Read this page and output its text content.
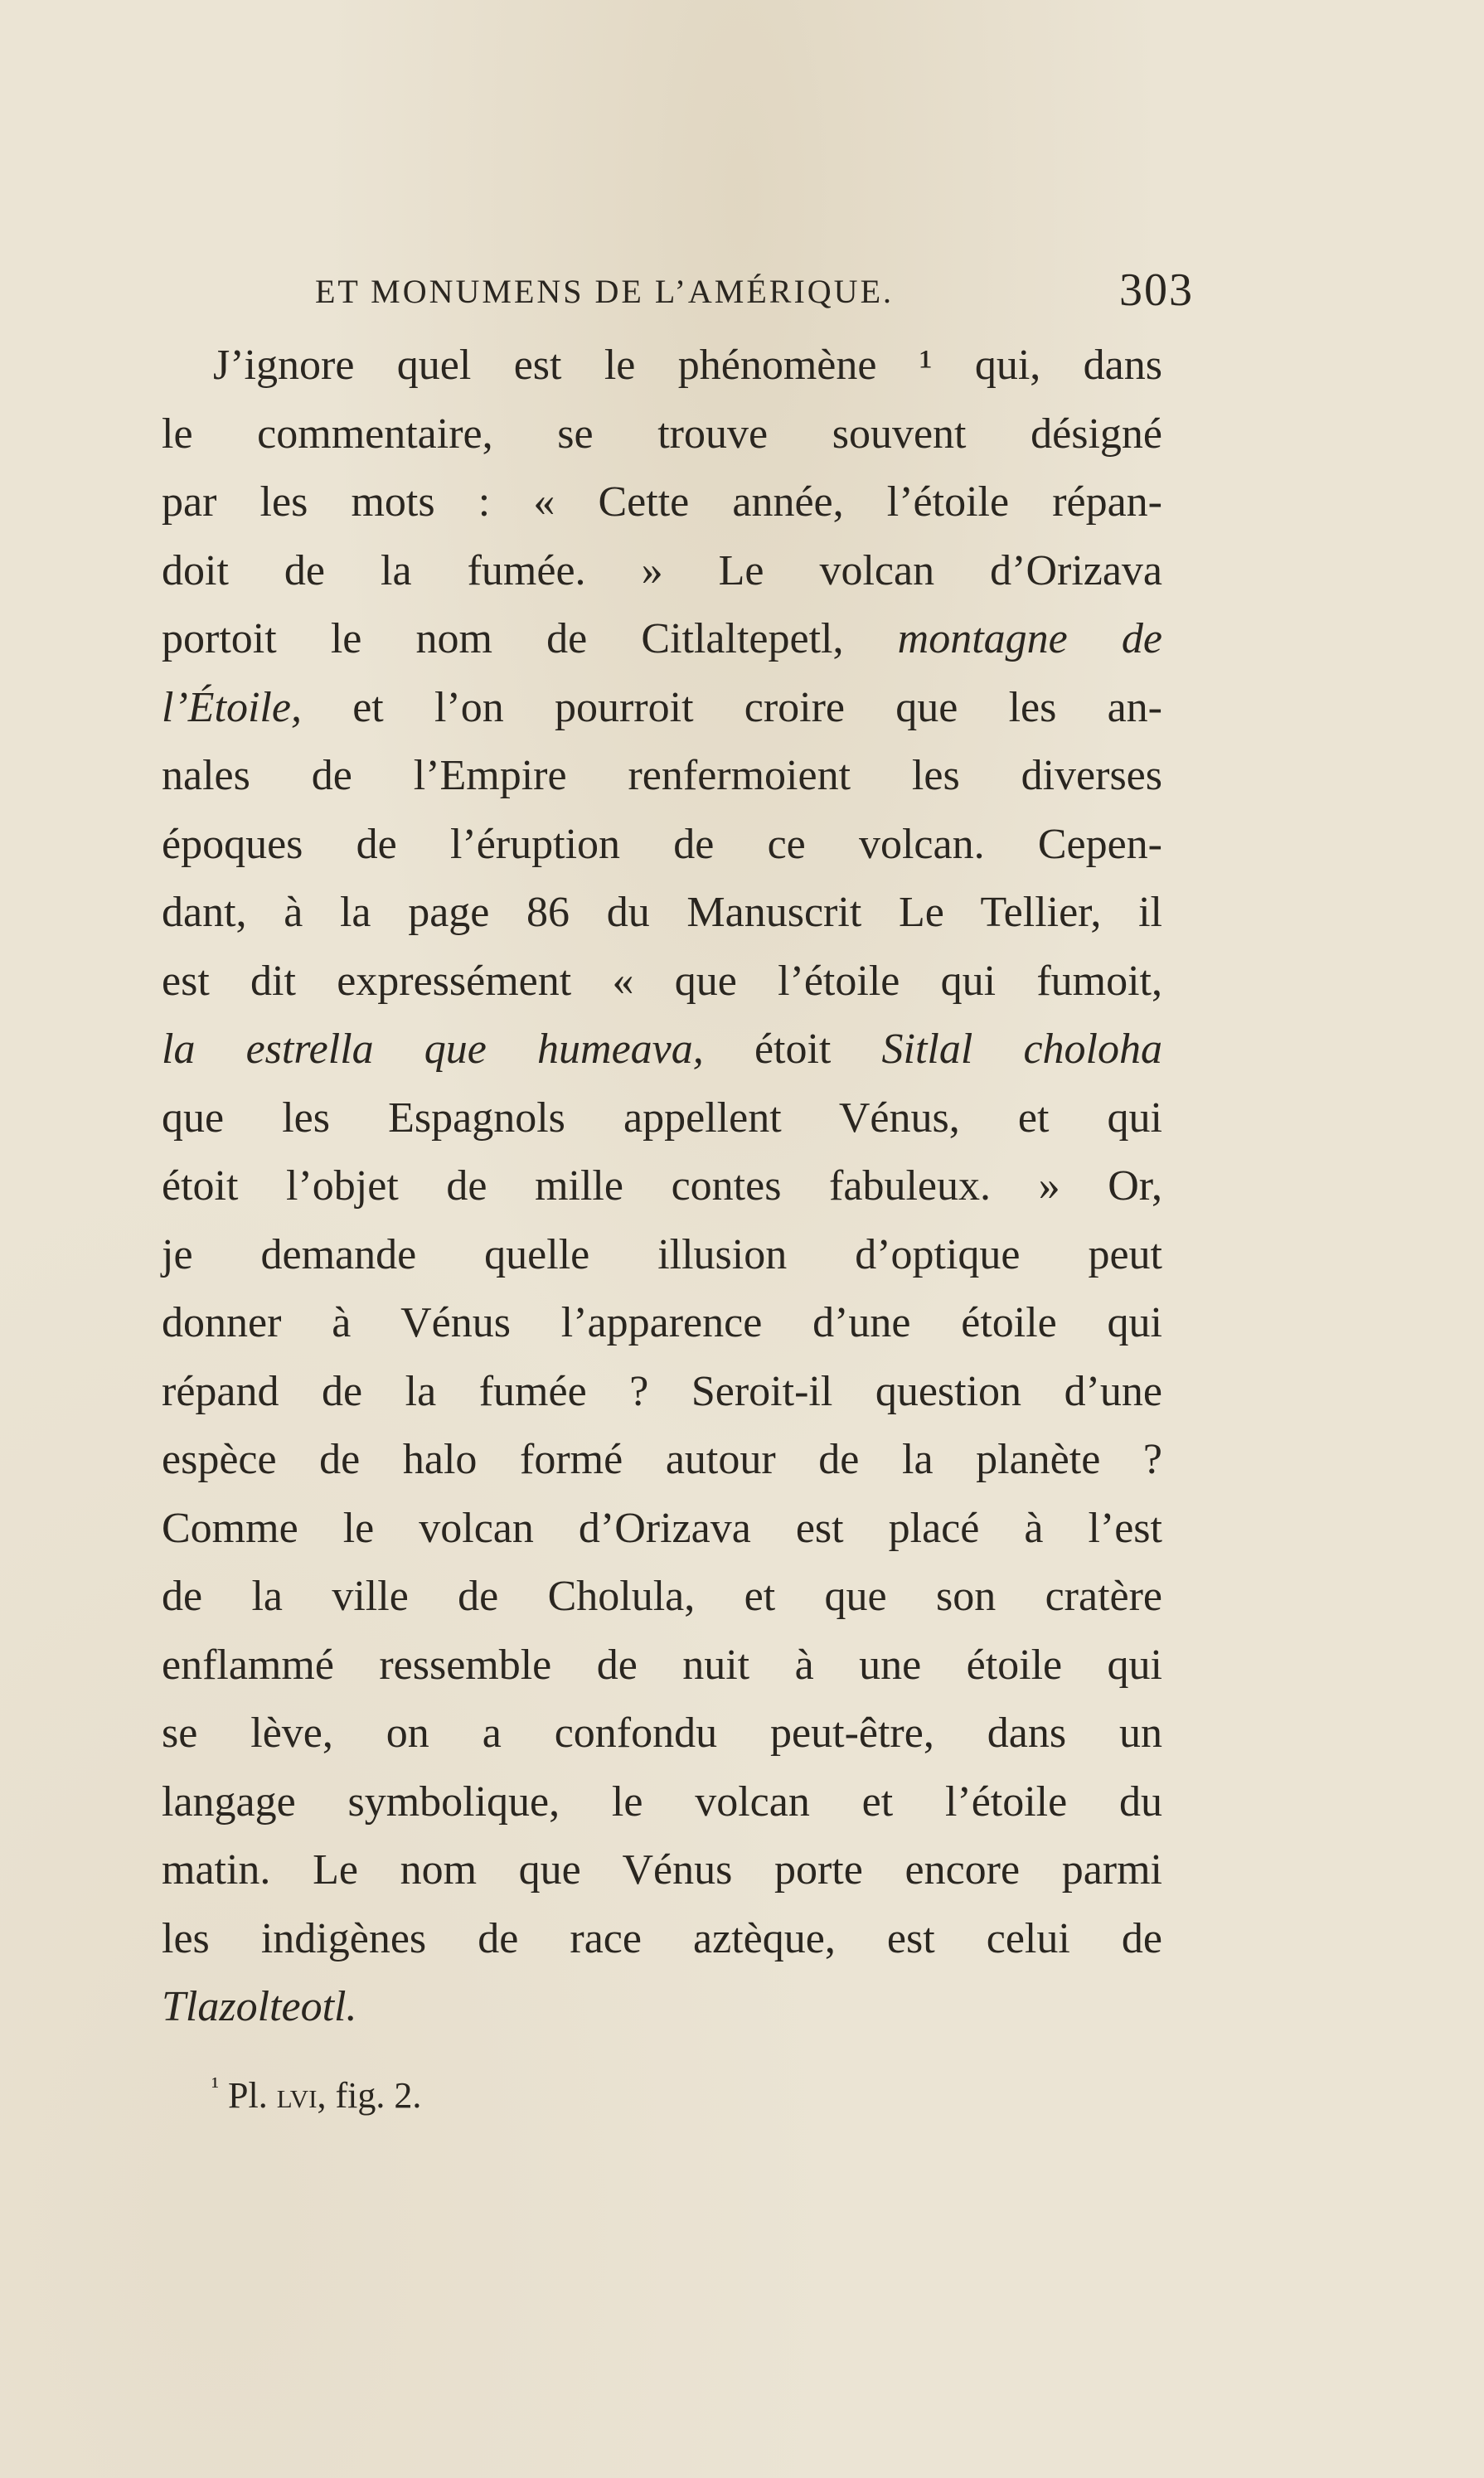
ET MONUMENS DE L’AMÉRIQUE.	303
J’ignore quel est le phénomène ¹ qui, dans
le commentaire, se trouve souvent désigné
par les mots : « Cette année, l’étoile répan-
doit de la fumée. » Le volcan d’Orizava
portoit le nom de Citlaltepetl, montagne de
l’Étoile, et l’on pourroit croire que les an-
nales de l’Empire renfermoient les diverses
époques de l’éruption de ce volcan. Cepen-
dant, à la page 86 du Manuscrit Le Tellier, il
est dit expressément « que l’étoile qui fumoit,
la estrella que humeava, étoit Sitlal choloha
que les Espagnols appellent Vénus, et qui
étoit l’objet de mille contes fabuleux. » Or,
je demande quelle illusion d’optique peut
donner à Vénus l’apparence d’une étoile qui
répand de la fumée ? Seroit-il question d’une
espèce de halo formé autour de la planète ?
Comme le volcan d’Orizava est placé à l’est
de la ville de Cholula, et que son cratère
enflammé ressemble de nuit à une étoile qui
se lève, on a confondu peut-être, dans un
langage symbolique, le volcan et l’étoile du
matin. Le nom que Vénus porte encore parmi
les indigènes de race aztèque, est celui de
Tlazolteotl.
$^{^1}$ Pl. lvi, fig. 2.
